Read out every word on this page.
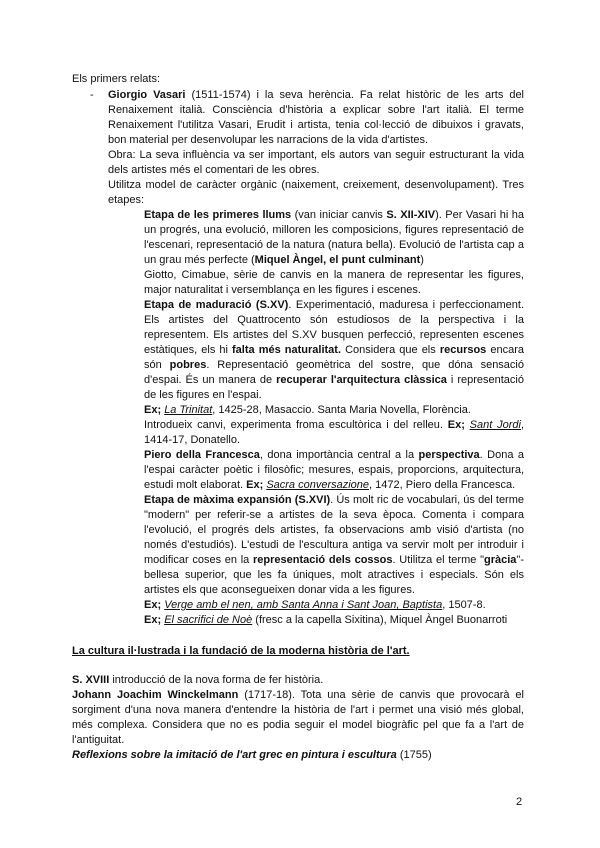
Els primers relats:
- Giorgio Vasari (1511-1574) i la seva herència. Fa relat històric de les arts del
Renaixement italià. Consciència d'història a explicar sobre l'art italià. El terme
Renaixement l'utilitza Vasari, Erudit i artista, tenia col·lecció de dibuixos i gravats,
bon material per desenvolupar les narracions de la vida d'artistes.
Obra: La seva influència va ser important, els autors van seguir estructurant la vida
dels artistes més el comentari de les obres.
Utilitza model de caràcter orgànic (naixement, creixement, desenvolupament). Tres
etapes:
Etapa de les primeres llums (van iniciar canvis S. XII-XIV). Per Vasari hi ha
un progrés, una evolució, milloren les composicions, figures representació de
l'escenari, representació de la natura (natura bella). Evolució de l'artista cap a
un grau més perfecte (Miquel Àngel, el punt culminant)
Giotto, Cimabue, sèrie de canvis en la manera de representar les figures,
major naturalitat i versemblança en les figures i escenes.
Etapa de maduració (S.XV). Experimentació, maduresa i perfeccionament.
Els artistes del Quattrocento són estudiosos de la perspectiva i la
representem. Els artistes del S.XV busquen perfecció, representen escenes
estàtiques, els hi falta més naturalitat. Considera que els recursos encara
són pobres. Representació geomètrica del sostre, que dóna sensació
d'espai. És un manera de recuperar l'arquitectura clàssica i representació
de les figures en l'espai.
Ex; La Trinitat, 1425-28, Masaccio. Santa Maria Novella, Florència.
Introdueix canvi, experimenta froma escultòrica i del relleu. Ex; Sant Jordi,
1414-17, Donatello.
Piero della Francesca, dona importància central a la perspectiva. Dona a
l'espai caràcter poètic i filosòfic; mesures, espais, proporcions, arquitectura,
estudi molt elaborat. Ex; Sacra conversazione, 1472, Piero della Francesca.
Etapa de màxima expansión (S.XVI). Ús molt ric de vocabulari, ús del terme
"modern" per referir-se a artistes de la seva època. Comenta i compara
l'evolució, el progrés dels artistes, fa observacions amb visió d'artista (no
només d'estudiós). L'estudi de l'escultura antiga va servir molt per introduir i
modificar coses en la representació dels cossos. Utilitza el terme "gràcia"-
bellesa superior, que les fa úniques, molt atractives i especials. Són els
artistes els que aconsegueixen donar vida a les figures.
Ex; Verge amb el nen, amb Santa Anna i Sant Joan, Baptista, 1507-8.
Ex; El sacrifici de Noè (fresc a la capella Sixitina), Miquel Àngel Buonarroti
La cultura il·lustrada i la fundació de la moderna història de l'art.
S. XVIII introducció de la nova forma de fer història.
Johann Joachim Winckelmann (1717-18). Tota una sèrie de canvis que provocarà el
sorgiment d'una nova manera d'entendre la història de l'art i permet una visió més global,
més complexa. Considera que no es podia seguir el model biogràfic pel que fa a l'art de
l'antiguitat.
Reflexions sobre la imitació de l'art grec en pintura i escultura (1755)
2
